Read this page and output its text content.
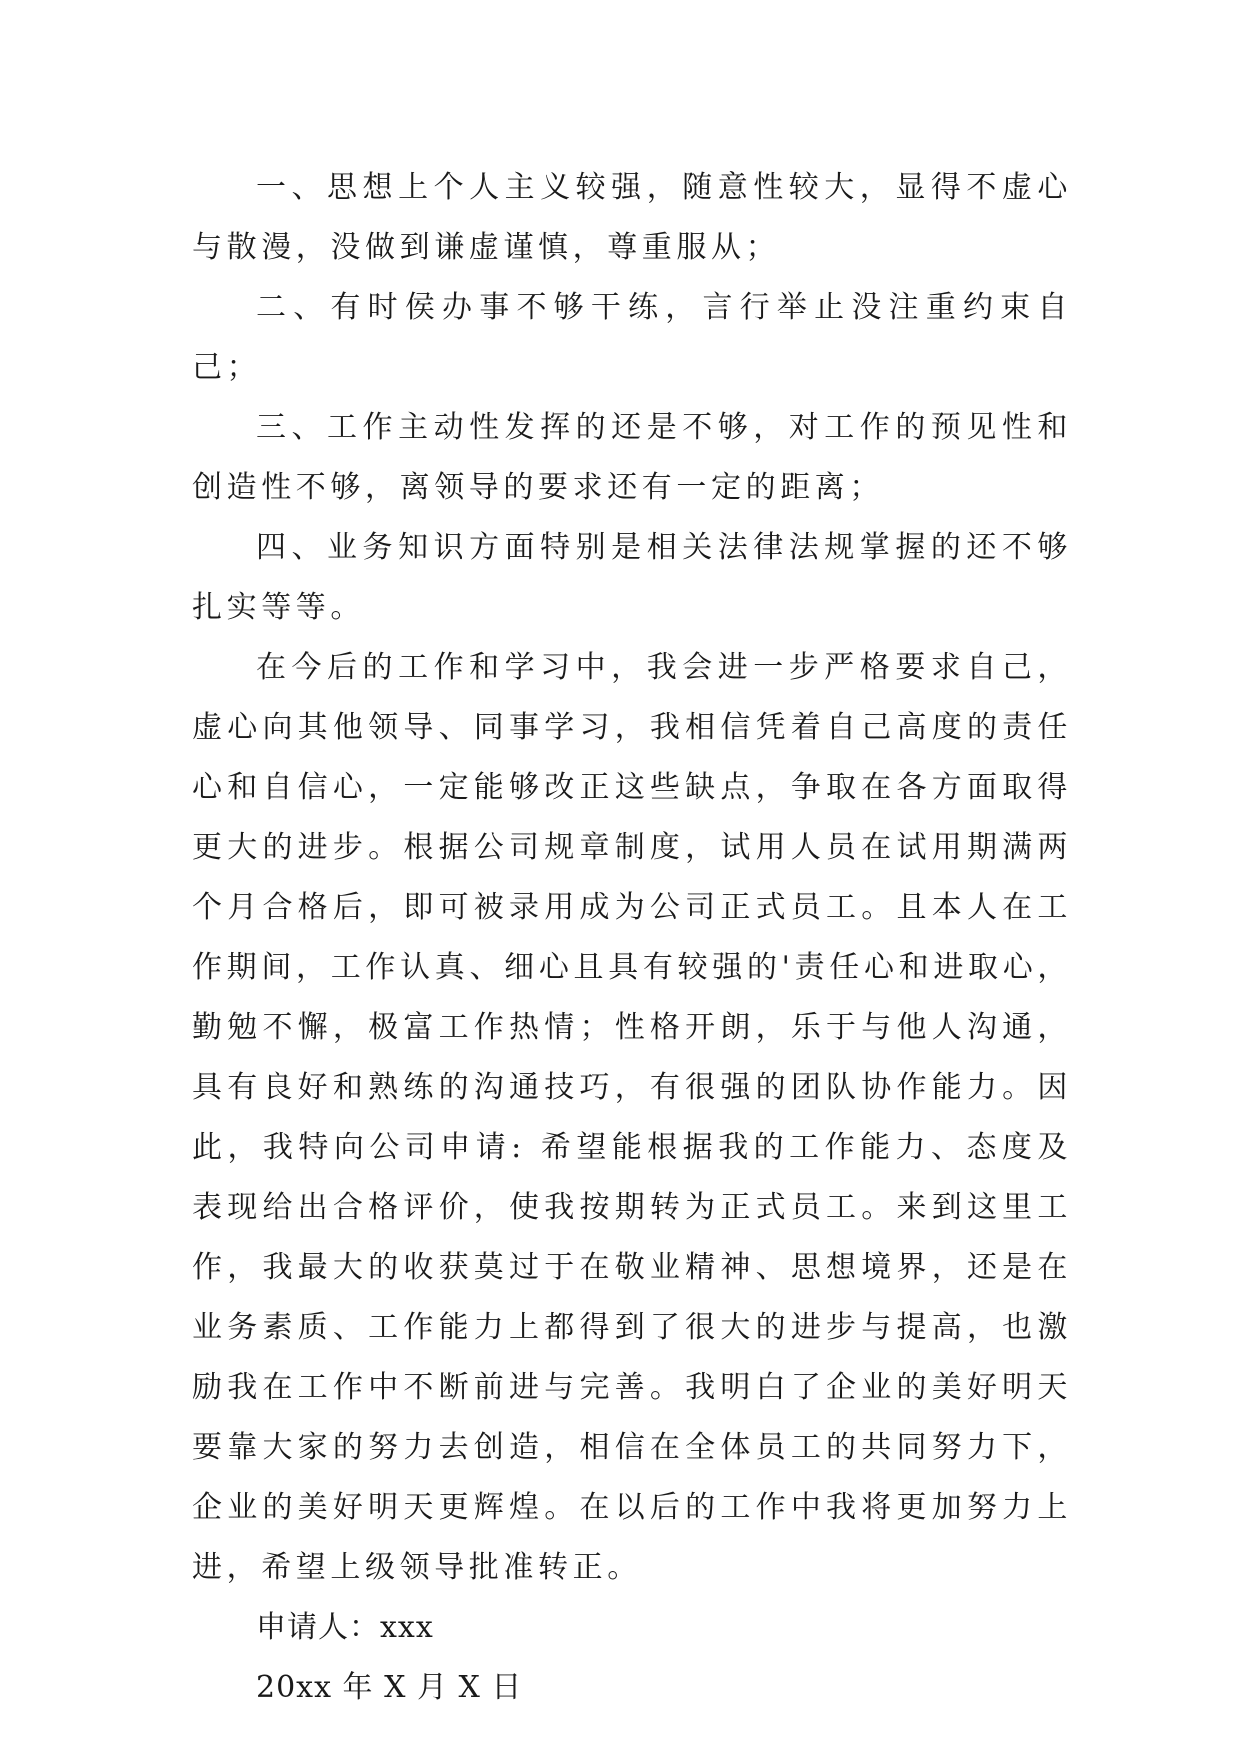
一、思想上个人主义较强，随意性较大，显得不虚心与散漫，没做到谦虚谨慎，尊重服从；

二、有时侯办事不够干练，言行举止没注重约束自己；

三、工作主动性发挥的还是不够，对工作的预见性和创造性不够，离领导的要求还有一定的距离；

四、业务知识方面特别是相关法律法规掌握的还不够扎实等等。

在今后的工作和学习中，我会进一步严格要求自己，虚心向其他领导、同事学习，我相信凭着自己高度的责任心和自信心，一定能够改正这些缺点，争取在各方面取得更大的进步。根据公司规章制度，试用人员在试用期满两个月合格后，即可被录用成为公司正式员工。且本人在工作期间，工作认真、细心且具有较强的'责任心和进取心，勤勉不懈，极富工作热情；性格开朗，乐于与他人沟通，具有良好和熟练的沟通技巧，有很强的团队协作能力。因此，我特向公司申请: 希望能根据我的工作能力、态度及表现给出合格评价，使我按期转为正式员工。来到这里工作，我最大的收获莫过于在敬业精神、思想境界，还是在业务素质、工作能力上都得到了很大的进步与提高，也激励我在工作中不断前进与完善。我明白了企业的美好明天要靠大家的努力去创造，相信在全体员工的共同努力下，企业的美好明天更辉煌。在以后的工作中我将更加努力上进，希望上级领导批准转正。

申请人：xxx

20xx 年 X 月 X 日
